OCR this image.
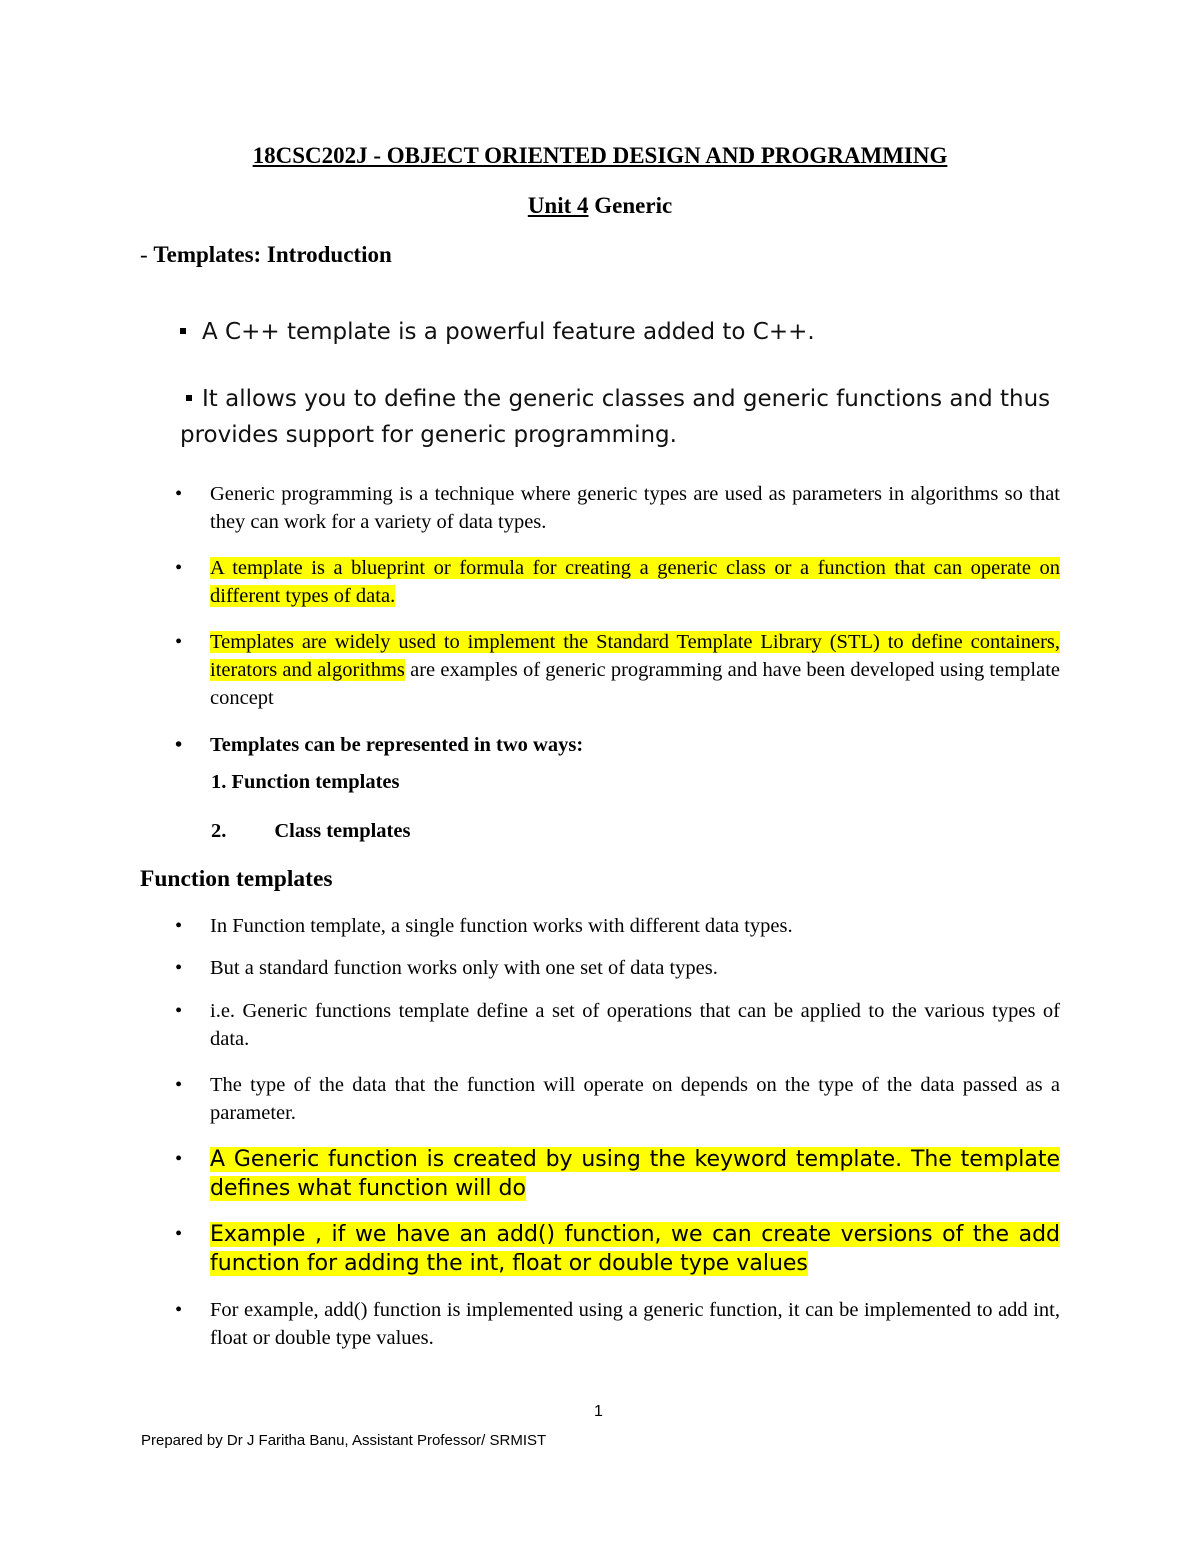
18CSC202J - OBJECT ORIENTED DESIGN AND PROGRAMMING
Unit 4 Generic
- Templates: Introduction
A C++ template is a powerful feature added to C++.
It allows you to define the generic classes and generic functions and thus
provides support for generic programming.
•	Generic programming is a technique where generic types are used as parameters in algorithms so that they can work for a variety of data types.
•	A template is a blueprint or formula for creating a generic class or a function that can operate on different types of data.
•	Templates are widely used to implement the Standard Template Library (STL) to define containers, iterators and algorithms are examples of generic programming and have been developed using template concept
•	Templates can be represented in two ways:
1. Function templates
2. Class templates
Function templates
•	In Function template, a single function works with different data types.
•	But a standard function works only with one set of data types.
•	i.e. Generic functions template define a set of operations that can be applied to the various types of data.
•	The type of the data that the function will operate on depends on the type of the data passed as a parameter.
•	A Generic function is created by using the keyword template. The template defines what function will do
•	Example , if we have an add() function, we can create versions of the add function for adding the int, float or double type values
•	For example, add() function is implemented using a generic function, it can be implemented to add int, float or double type values.
1
Prepared by Dr J Faritha Banu, Assistant Professor/ SRMIST
